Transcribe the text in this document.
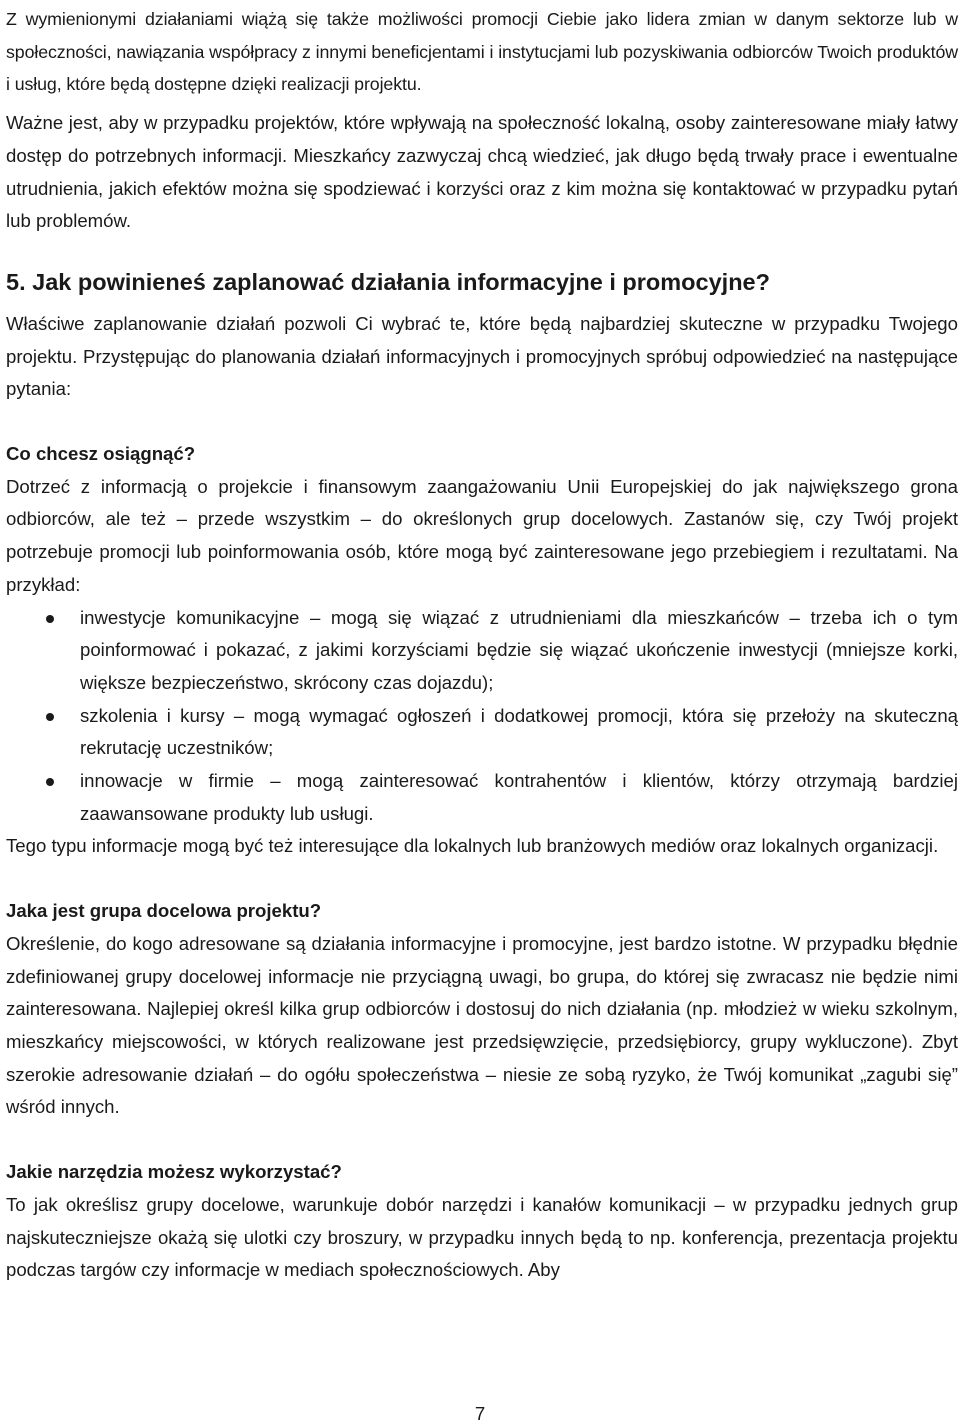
Z wymienionymi działaniami wiążą się także możliwości promocji Ciebie jako lidera zmian w danym sektorze lub w społeczności, nawiązania współpracy z innymi beneficjentami i instytucjami lub pozyskiwania odbiorców Twoich produktów i usług, które będą dostępne dzięki realizacji projektu.

Ważne jest, aby w przypadku projektów, które wpływają na społeczność lokalną, osoby zainteresowane miały łatwy dostęp do potrzebnych informacji. Mieszkańcy zazwyczaj chcą wiedzieć, jak długo będą trwały prace i ewentualne utrudnienia, jakich efektów można się spodziewać i korzyści oraz z kim można się kontaktować w przypadku pytań lub problemów.

5. Jak powinieneś zaplanować działania informacyjne i promocyjne?

Właściwe zaplanowanie działań pozwoli Ci wybrać te, które będą najbardziej skuteczne w przypadku Twojego projektu. Przystępując do planowania działań informacyjnych i promocyjnych spróbuj odpowiedzieć na następujące pytania:

Co chcesz osiągnąć?

Dotrzeć z informacją o projekcie i finansowym zaangażowaniu Unii Europejskiej do jak największego grona odbiorców, ale też – przede wszystkim – do określonych grup docelowych. Zastanów się, czy Twój projekt potrzebuje promocji lub poinformowania osób, które mogą być zainteresowane jego przebiegiem i rezultatami. Na przykład:

inwestycje komunikacyjne – mogą się wiązać z utrudnieniami dla mieszkańców – trzeba ich o tym poinformować i pokazać, z jakimi korzyściami będzie się wiązać ukończenie inwestycji (mniejsze korki, większe bezpieczeństwo, skrócony czas dojazdu);
szkolenia i kursy – mogą wymagać ogłoszeń i dodatkowej promocji, która się przełoży na skuteczną rekrutację uczestników;
innowacje w firmie – mogą zainteresować kontrahentów i klientów, którzy otrzymają bardziej zaawansowane produkty lub usługi.

Tego typu informacje mogą być też interesujące dla lokalnych lub branżowych mediów oraz lokalnych organizacji.

Jaka jest grupa docelowa projektu?

Określenie, do kogo adresowane są działania informacyjne i promocyjne, jest bardzo istotne. W przypadku błędnie zdefiniowanej grupy docelowej informacje nie przyciągną uwagi, bo grupa, do której się zwracasz nie będzie nimi zainteresowana. Najlepiej określ kilka grup odbiorców i dostosuj do nich działania (np. młodzież w wieku szkolnym, mieszkańcy miejscowości, w których realizowane jest przedsięwzięcie, przedsiębiorcy, grupy wykluczone). Zbyt szerokie adresowanie działań – do ogółu społeczeństwa – niesie ze sobą ryzyko, że Twój komunikat „zagubi się” wśród innych.

Jakie narzędzia możesz wykorzystać?

To jak określisz grupy docelowe, warunkuje dobór narzędzi i kanałów komunikacji – w przypadku jednych grup najskuteczniejsze okażą się ulotki czy broszury, w przypadku innych będą to np. konferencja, prezentacja projektu podczas targów czy informacje w mediach społecznościowych. Aby

7
